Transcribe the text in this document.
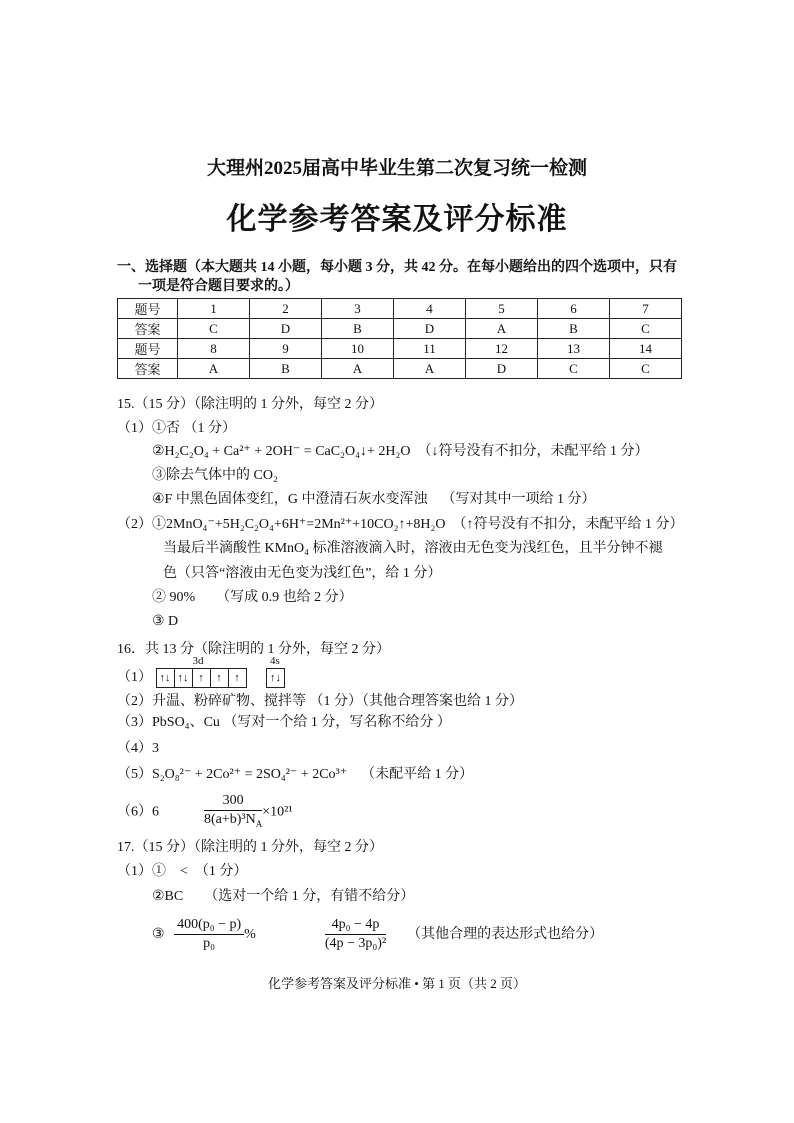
大理州2025届高中毕业生第二次复习统一检测
化学参考答案及评分标准
一、选择题（本大题共 14 小题，每小题 3 分，共 42 分。在每小题给出的四个选项中，只有
一项是符合题目要求的。）
题号	1	2	3	4	5	6	7
答案	C	D	B	D	A	B	C
题号	8	9	10	11	12	13	14
答案	A	B	A	A	D	C	C
15.（15 分）（除注明的 1 分外，每空 2 分）
（1）①否 （1 分）
②H₂C₂O₄ + Ca²⁺ + 2OH⁻ = CaC₂O₄↓+ 2H₂O （↓符号没有不扣分，未配平给 1 分）
③除去气体中的 CO₂
④F 中黑色固体变红，G 中澄清石灰水变浑浊 （写对其中一项给 1 分）
（2）①2MnO₄⁻+5H₂C₂O₄+6H⁺=2Mn²⁺+10CO₂↑+8H₂O （↑符号没有不扣分，未配平给 1 分）
当最后半滴酸性 KMnO₄ 标准溶液滴入时，溶液由无色变为浅红色，且半分钟不褪
色（只答“溶液由无色变为浅红色”，给 1 分）
② 90% （写成 0.9 也给 2 分）
③ D
16．共 13 分（除注明的 1 分外，每空 2 分）
（1）
3d
↑↓ ↑↓ ↑ ↑ ↑
4s
↑↓
（2）升温、粉碎矿物、搅拌等 （1 分）（其他合理答案也给 1 分）
（3）PbSO₄、Cu （写对一个给 1 分，写名称不给分 ）
（4）3
（5）S₂O₈²⁻ + 2Co²⁺ = 2SO₄²⁻ + 2Co³⁺ （未配平给 1 分）
（6）6	$\frac{300}{8(a+b)^3N_A} \times 10^{21}$
17.（15 分）（除注明的 1 分外，每空 2 分）
（1）①　<　（1 分）
②BC （选对一个给 1 分，有错不给分）
③ $\frac{\text{400(p₀ − p)}}{\text{p₀}}$ %	$\frac{\text{4p₀ − 4p}}{\text{(4p − 3p₀)²}}$ （其他合理的表达形式也给分）
化学参考答案及评分标准 • 第 1 页（共 2 页）
